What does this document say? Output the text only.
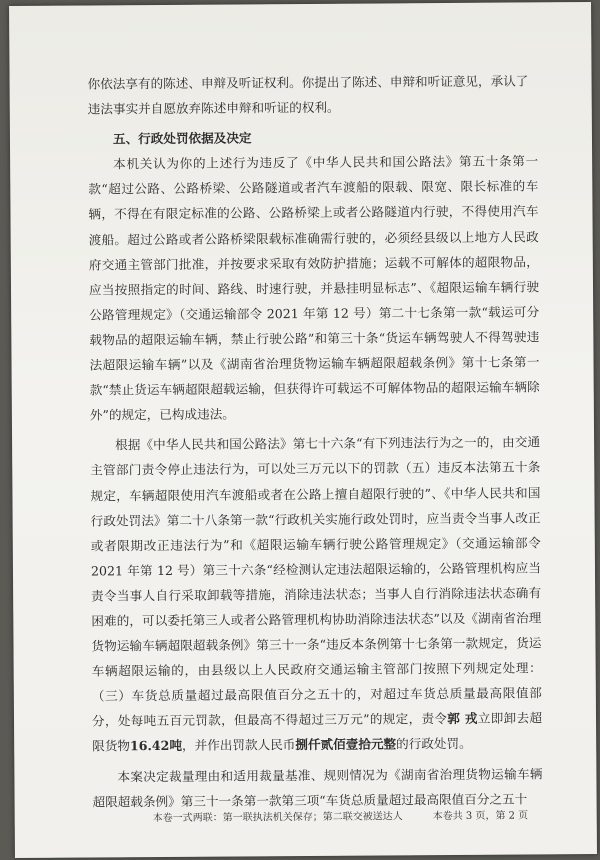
你依法享有的陈述、申辩及听证权利。你提出了陈述、申辩和听证意见，承认了

违法事实并自愿放弃陈述申辩和听证的权利。

五、行政处罚依据及决定

本机关认为你的上述行为违反了《中华人民共和国公路法》第五十条第一款“超过公路、公路桥梁、公路隧道或者汽车渡船的限载、限宽、限长标准的车辆，不得在有限定标准的公路、公路桥梁上或者公路隧道内行驶，不得使用汽车渡船。超过公路或者公路桥梁限载标准确需行驶的，必须经县级以上地方人民政府交通主管部门批准，并按要求采取有效防护措施；运载不可解体的超限物品，应当按照指定的时间、路线、时速行驶，并悬挂明显标志”、《超限运输车辆行驶公路管理规定》（交通运输部令 2021 年第 12 号）第二十七条第一款“载运可分载物品的超限运输车辆，禁止行驶公路”和第三十条“货运车辆驾驶人不得驾驶违法超限运输车辆”以及《湖南省治理货物运输车辆超限超载条例》第十七条第一款“禁止货运车辆超限超载运输，但获得许可载运不可解体物品的超限运输车辆除外”的规定，已构成违法。

根据《中华人民共和国公路法》第七十六条“有下列违法行为之一的，由交通主管部门责令停止违法行为，可以处三万元以下的罚款（五）违反本法第五十条规定，车辆超限使用汽车渡船或者在公路上擅自超限行驶的”、《中华人民共和国行政处罚法》第二十八条第一款“行政机关实施行政处罚时，应当责令当事人改正或者限期改正违法行为”和《超限运输车辆行驶公路管理规定》（交通运输部令 2021 年第 12 号）第三十六条“经检测认定违法超限运输的，公路管理机构应当责令当事人自行采取卸载等措施，消除违法状态；当事人自行消除违法状态确有困难的，可以委托第三人或者公路管理机构协助消除违法状态”以及《湖南省治理货物运输车辆超限超载条例》第三十一条“违反本条例第十七条第一款规定，货运车辆超限运输的，由县级以上人民政府交通运输主管部门按照下列规定处理：（三）车货总质量超过最高限值百分之五十的，对超过车货总质量最高限值部分，处每吨五百元罚款，但最高不得超过三万元”的规定，责令郭 戎立即卸去超限货物16.42吨，并作出罚款人民币捌仟贰佰壹拾元整的行政处罚。

本案决定裁量理由和适用裁量基准、规则情况为《湖南省治理货物运输车辆超限超载条例》第三十一条第一款第三项“车货总质量超过最高限值百分之五十

本卷一式两联：第一联执法机关保存；第二联交被送达人	本卷共 3 页，第 2 页
